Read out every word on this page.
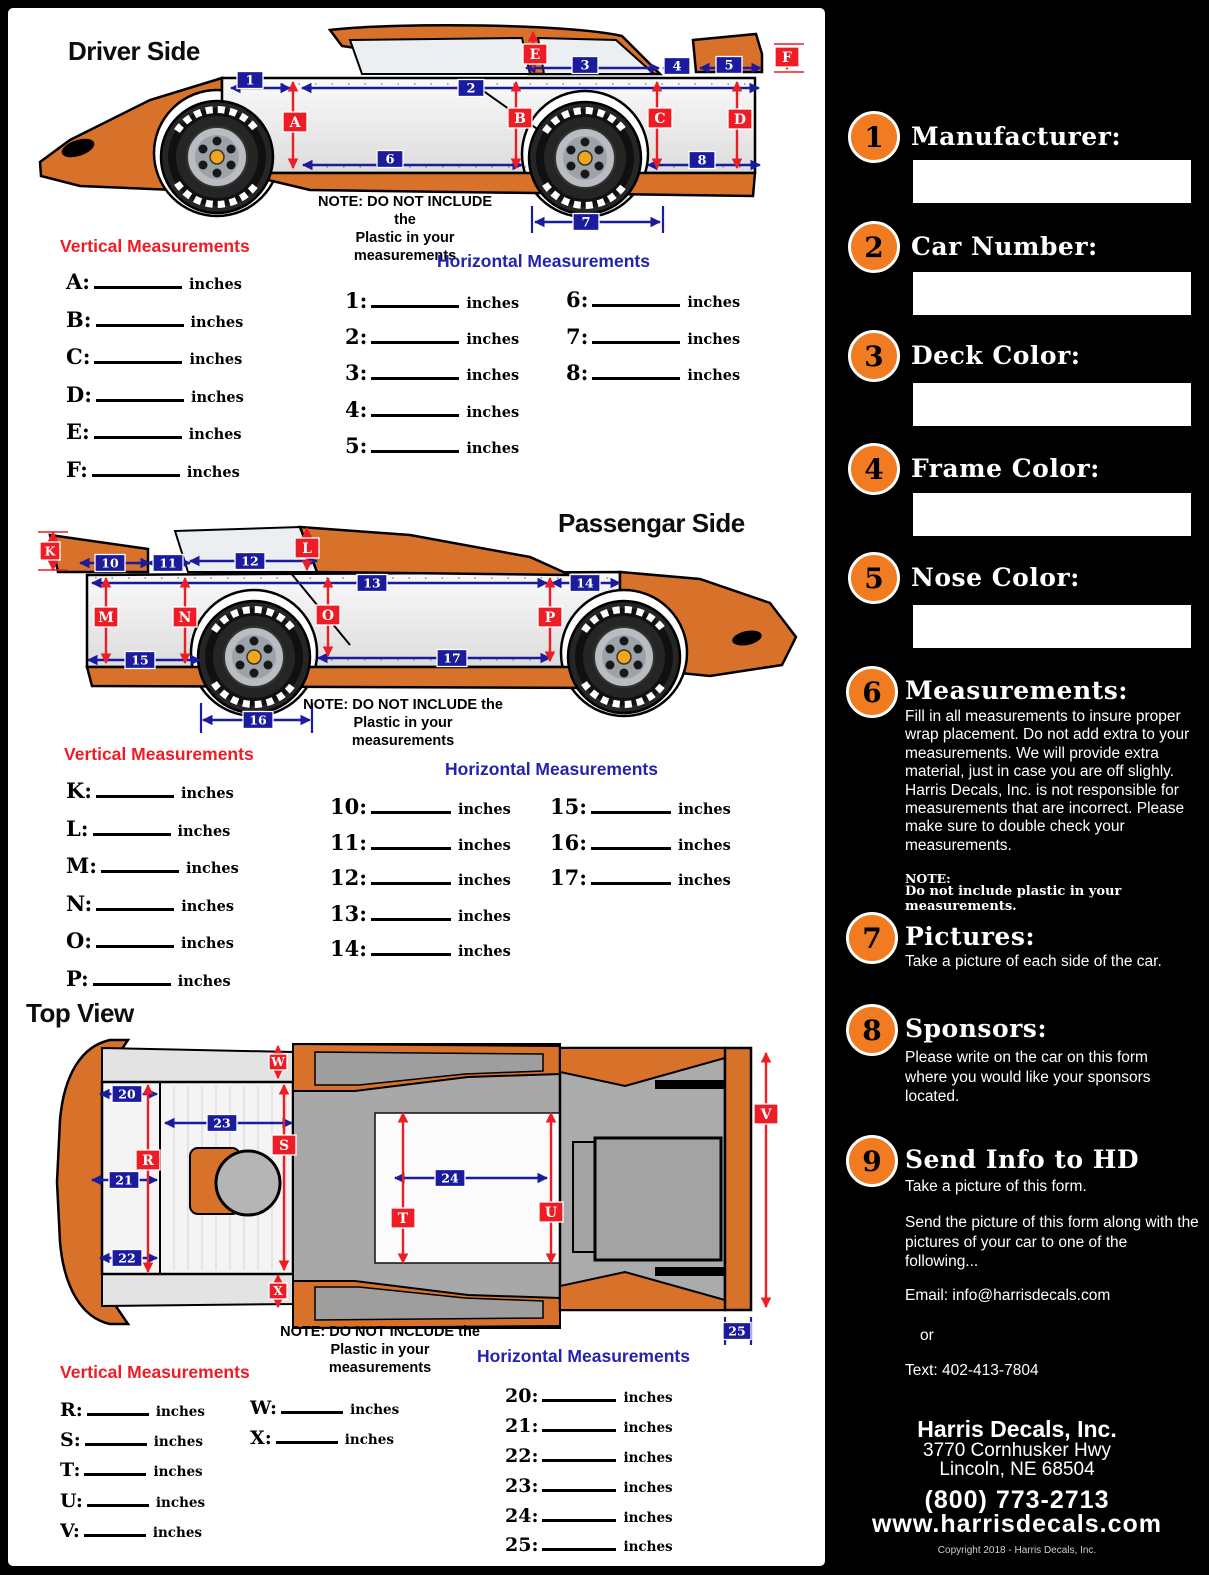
Driver Side
1
2
3	4	5
6
7
8
A	B	C	D
E	F
NOTE: DO NOT INCLUDE the
Plastic in your measurements
Vertical Measurements
Horizontal Measurements
A:	inches
B:	inches
C:	inches
D:	inches
E:	inches
F:	inches
1:	inches
2:	inches
3:	inches
4:	inches
5:	inches
6:	inches
7:	inches
8:	inches
Passengar Side
10	11	12
13	14
15
16
17
K	L
M	N	O	P
NOTE: DO NOT INCLUDE the
Plastic in your measurements
Vertical Measurements
Horizontal Measurements
K:	inches
L:	inches
M:	inches
N:	inches
O:	inches
P:	inches
10:	inches
11:	inches
12:	inches
13:	inches
14:	inches
15:	inches
16:	inches
17:	inches
Top View
20
21
22
23
24
25
R
S
T	U
V
W
X
NOTE: DO NOT INCLUDE the
Plastic in your measurements
Vertical Measurements
Horizontal Measurements
R:	inches
S:	inches
T:	inches
U:	inches
V:	inches
W:	inches
X:	inches
20:	inches
21:	inches
22:	inches
23:	inches
24:	inches
25:	inches
1	Manufacturer:
2	Car Number:
3	Deck Color:
4	Frame Color:
5	Nose Color:
6 Measurements:
Fill in all measurements to insure proper wrap placement. Do not add extra to your measurements. We will provide extra material, just in case you are off slighly. Harris Decals, Inc. is not responsible for measurements that are incorrect. Please make sure to double check your measurements.
NOTE:
Do not include plastic in your measurements.
7 Pictures:
Take a picture of each side of the car.
8 Sponsors:
Please write on the car on this form where you would like your sponsors located.
9 Send Info to HD
Take a picture of this form.
Send the picture of this form along with the pictures of your car to one of the following...
Email: info@harrisdecals.com
or
Text: 402-413-7804
Harris Decals, Inc.
3770 Cornhusker Hwy
Lincoln, NE 68504
(800) 773-2713
www.harrisdecals.com
Copyright 2018 - Harris Decals, Inc.
